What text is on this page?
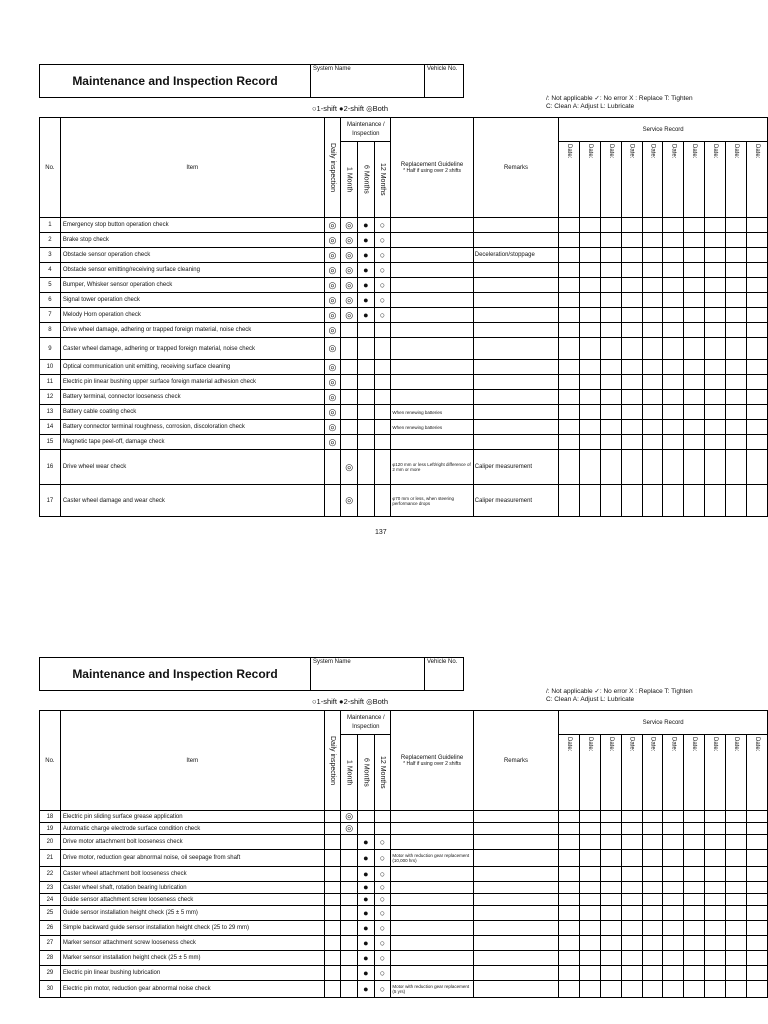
Maintenance and Inspection Record
System Name	Vehicle No.
○1-shift ●2-shift ◎Both
/: Not applicable ✓: No error X : Replace T: Tighten
C: Clean A: Adjust L: Lubricate
No.	Item	Daily inspection	Maintenance / Inspection			Replacement Guideline
* Half if using over 2 shifts	Remarks	Service Record									

			1 Month	6 Months	12 Months			Date:	Date:	Date:	Date:	Date:	Date:	Date:	Date:	Date:	Date:

1	Emergency stop button operation check	◎	◎	●	○												
2	Brake stop check	◎	◎	●	○												
3	Obstacle sensor operation check	◎	◎	●	○		Deceleration/stoppage										
4	Obstacle sensor emitting/receiving surface cleaning	◎	◎	●	○												
5	Bumper, Whisker sensor operation check	◎	◎	●	○												
6	Signal tower operation check	◎	◎	●	○												
7	Melody Horn operation check	◎	◎	●	○												
8	Drive wheel damage, adhering or trapped foreign material, noise check	◎															
9	Caster wheel damage, adhering or trapped foreign material, noise check	◎															
10	Optical communication unit emitting, receiving surface cleaning	◎															
11	Electric pin linear bushing upper surface foreign material adhesion check	◎															
12	Battery terminal, connector looseness check	◎															
13	Battery cable coating check	◎				When renewing batteries											
14	Battery connector terminal roughness, corrosion, discoloration check	◎				When renewing batteries											
15	Magnetic tape peel-off, damage check	◎															
16	Drive wheel wear check		◎			φ120 mm or less Left/right difference of 2 mm or more	Caliper measurement										
17	Caster wheel damage and wear check		◎			φ70 mm or less, when steering performance drops	Caliper measurement										
137
Maintenance and Inspection Record
System Name	Vehicle No.
○1-shift ●2-shift ◎Both
/: Not applicable ✓: No error X : Replace T: Tighten
C: Clean A: Adjust L: Lubricate
No.	Item	Daily inspection	Maintenance / Inspection			Replacement Guideline
* Half if using over 2 shifts	Remarks	Service Record									

			1 Month	6 Months	12 Months			Date:	Date:	Date:	Date:	Date:	Date:	Date:	Date:	Date:	Date:

18	Electric pin sliding surface grease application		◎														
19	Automatic charge electrode surface condition check		◎														
20	Drive motor attachment bolt looseness check			●	○												
21	Drive motor, reduction gear abnormal noise, oil seepage from shaft			●	○	Motor with reduction gear replacement (10,000 hrs)											
22	Caster wheel attachment bolt looseness check			●	○												
23	Caster wheel shaft, rotation bearing lubrication			●	○												
24	Guide sensor attachment screw looseness check			●	○												
25	Guide sensor installation height check (25 ± 5 mm)			●	○												
26	Simple backward guide sensor installation height check (25 to 29 mm)			●	○												
27	Marker sensor attachment screw looseness check			●	○												
28	Marker sensor installation height check (25 ± 5 mm)			●	○												
29	Electric pin linear bushing lubrication			●	○												
30	Electric pin motor, reduction gear abnormal noise check			●	○	Motor with reduction gear replacement (5 yrs)											
